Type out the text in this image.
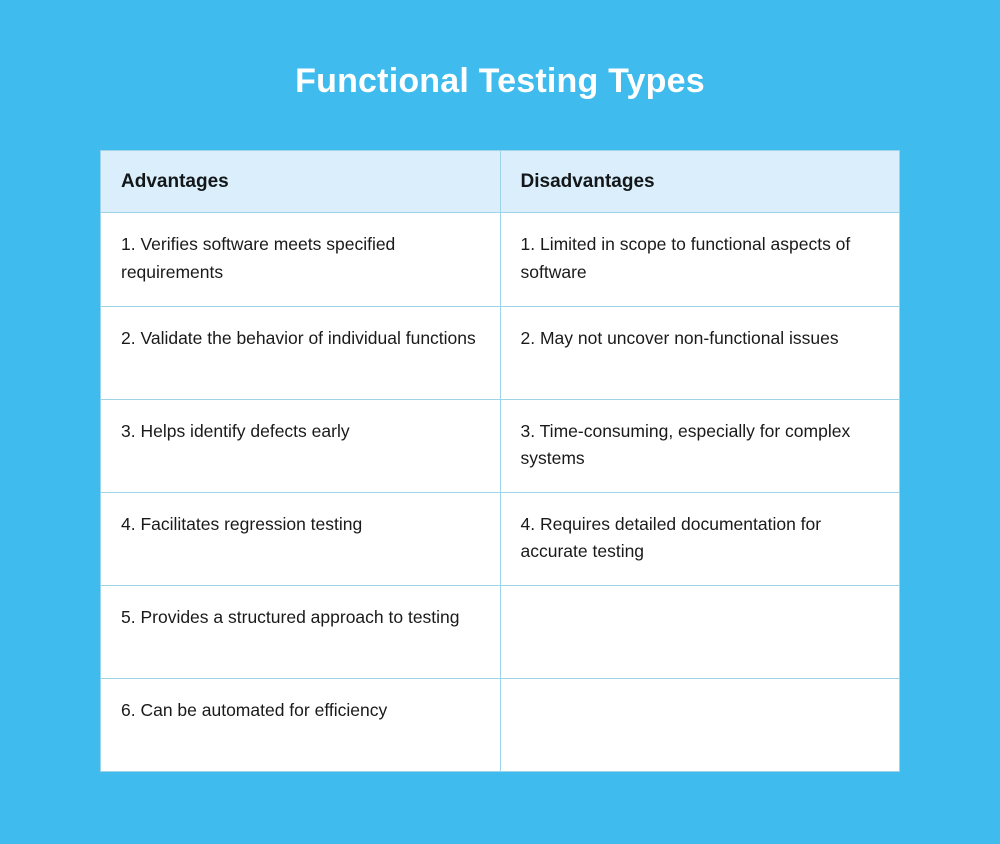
Functional Testing Types
Advantages	Disadvantages
1. Verifies software meets specified requirements	1. Limited in scope to functional aspects of software
2. Validate the behavior of individual functions	2. May not uncover non-functional issues
3. Helps identify defects early	3. Time-consuming, especially for complex systems
4. Facilitates regression testing	4. Requires detailed documentation for accurate testing
5. Provides a structured approach to testing	
6. Can be automated for efficiency	
